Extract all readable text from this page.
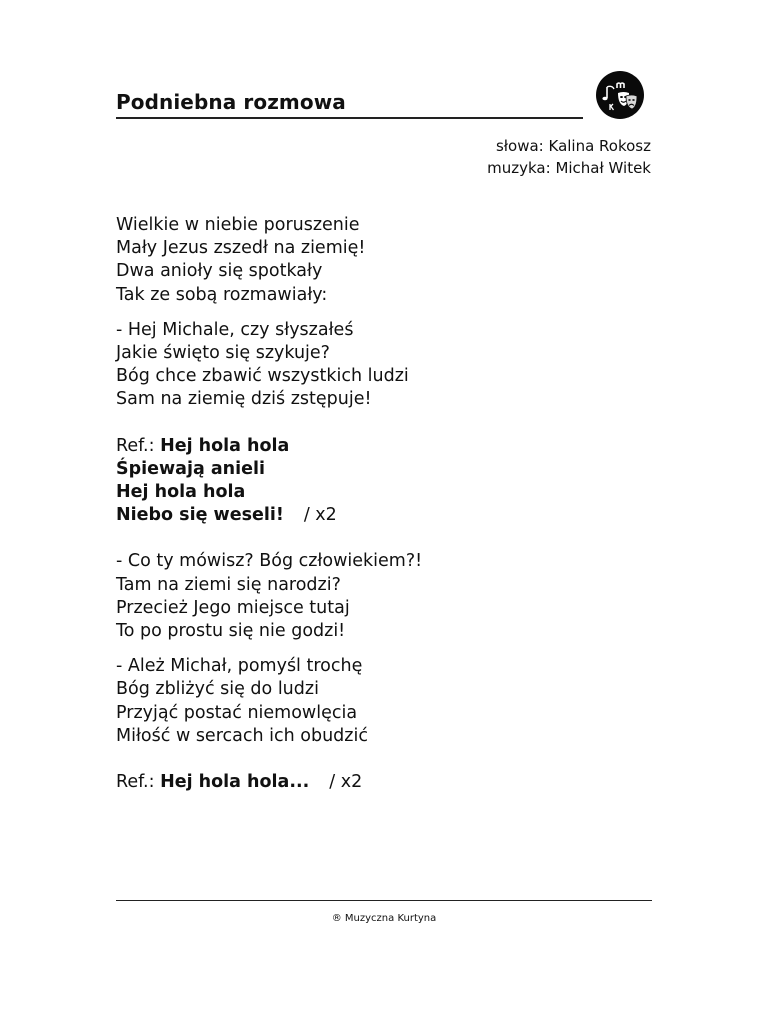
Podniebna rozmowa
słowa: Kalina Rokosz
muzyka: Michał Witek
Wielkie w niebie poruszenie
Mały Jezus zszedł na ziemię!
Dwa anioły się spotkały
Tak ze sobą rozmawiały:
- Hej Michale, czy słyszałeś
Jakie święto się szykuje?
Bóg chce zbawić wszystkich ludzi
Sam na ziemię dziś zstępuje!
Ref.: Hej hola hola
Śpiewają anieli
Hej hola hola
Niebo się weseli! / x2
- Co ty mówisz? Bóg człowiekiem?!
Tam na ziemi się narodzi?
Przecież Jego miejsce tutaj
To po prostu się nie godzi!
- Ależ Michał, pomyśl trochę
Bóg zbliżyć się do ludzi
Przyjąć postać niemowlęcia
Miłość w sercach ich obudzić
Ref.: Hej hola hola... / x2
® Muzyczna Kurtyna
